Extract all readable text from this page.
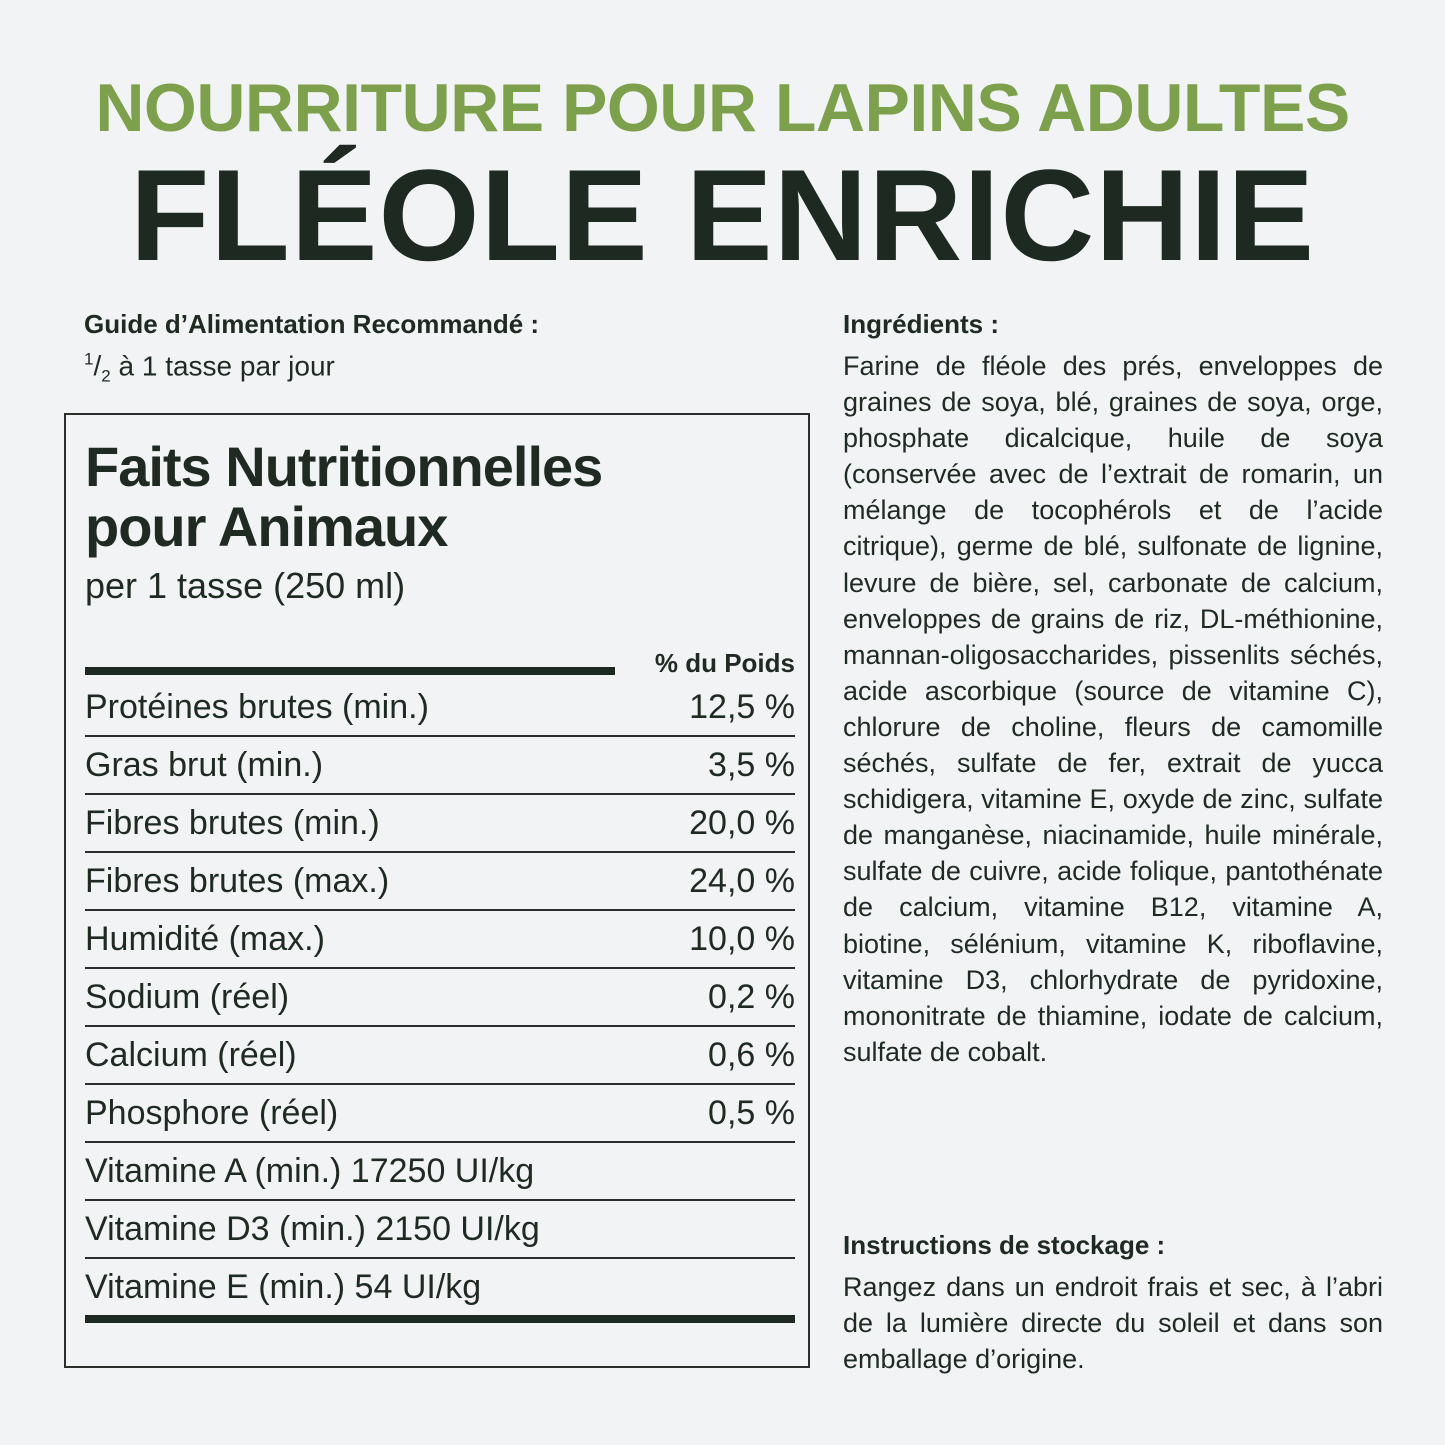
NOURRITURE POUR LAPINS ADULTES
FLÉOLE ENRICHIE
Guide d’Alimentation Recommandé :
$^1/_2$ à 1 tasse par jour
Faits Nutritionnelles
pour Animaux
per 1 tasse (250 ml)
% du Poids
Protéines brutes (min.)	12,5 %
Gras brut (min.)	3,5 %
Fibres brutes (min.)	20,0 %
Fibres brutes (max.)	24,0 %
Humidité (max.)	10,0 %
Sodium (réel)	0,2 %
Calcium (réel)	0,6 %
Phosphore (réel)	0,5 %
Vitamine A (min.) 17250 UI/kg
Vitamine D3 (min.) 2150 UI/kg
Vitamine E (min.) 54 UI/kg
Ingrédients :
Farine de fléole des prés, enveloppes de graines de soya, blé, graines de soya, orge, phosphate dicalcique, huile de soya (conservée avec de l’extrait de romarin, un mélange de tocophérols et de l’acide citrique), germe de blé, sulfonate de lignine, levure de bière, sel, carbonate de calcium, enveloppes de grains de riz, DL-méthionine, mannan-oligosaccharides, pissenlits séchés, acide ascorbique (source de vitamine C), chlorure de choline, fleurs de camomille séchés, sulfate de fer, extrait de yucca schidigera, vitamine E, oxyde de zinc, sulfate de manganèse, niacinamide, huile minérale, sulfate de cuivre, acide folique, pantothénate de calcium, vitamine B12, vitamine A, biotine, sélénium, vitamine K, riboflavine, vitamine D3, chlorhydrate de pyridoxine, mononitrate de thiamine, iodate de calcium, sulfate de cobalt.
Instructions de stockage :
Rangez dans un endroit frais et sec, à l’abri de la lumière directe du soleil et dans son emballage d’origine.
